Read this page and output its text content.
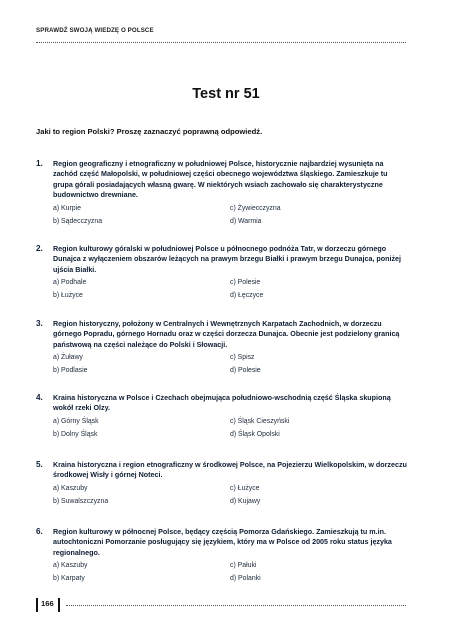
SPRAWDŹ SWOJĄ WIEDZĘ O POLSCE
Test nr 51
Jaki to region Polski? Proszę zaznaczyć poprawną odpowiedź.
1. Region geograficzny i etnograficzny w południowej Polsce, historycznie najbardziej wysunięta na zachód część Małopolski, w południowej części obecnego województwa śląskiego. Zamieszkuje tu grupa górali posiadających własną gwarę. W niektórych wsiach zachowało się charakterystyczne budownictwo drewniane.
a) Kurpie	c) Żywiecczyzna
b) Sądecczyzna	d) Warmia
2. Region kulturowy góralski w południowej Polsce u północnego podnóża Tatr, w dorzeczu górnego Dunajca z wyłączeniem obszarów leżących na prawym brzegu Białki i prawym brzegu Dunajca, poniżej ujścia Białki.
a) Podhale	c) Polesie
b) Łużyce	d) Łęczyce
3. Region historyczny, położony w Centralnych i Wewnętrznych Karpatach Zachodnich, w dorzeczu górnego Popradu, górnego Hornadu oraz w części dorzecza Dunajca. Obecnie jest podzielony granicą państwową na części należące do Polski i Słowacji.
a) Żuławy	c) Spisz
b) Podlasie	d) Polesie
4. Kraina historyczna w Polsce i Czechach obejmująca południowo-wschodnią część Śląska skupioną wokół rzeki Olzy.
a) Górny Śląsk	c) Śląsk Cieszyński
b) Dolny Śląsk	d) Śląsk Opolski
5. Kraina historyczna i region etnograficzny w środkowej Polsce, na Pojezierzu Wielkopolskim, w dorzeczu środkowej Wisły i górnej Noteci.
a) Kaszuby	c) Łużyce
b) Suwalszczyzna	d) Kujawy
6. Region kulturowy w północnej Polsce, będący częścią Pomorza Gdańskiego. Zamieszkują tu m.in. autochtoniczni Pomorzanie posługujący się językiem, który ma w Polsce od 2005 roku status języka regionalnego.
a) Kaszuby	c) Pałuki
b) Karpaty	d) Polanki
166
